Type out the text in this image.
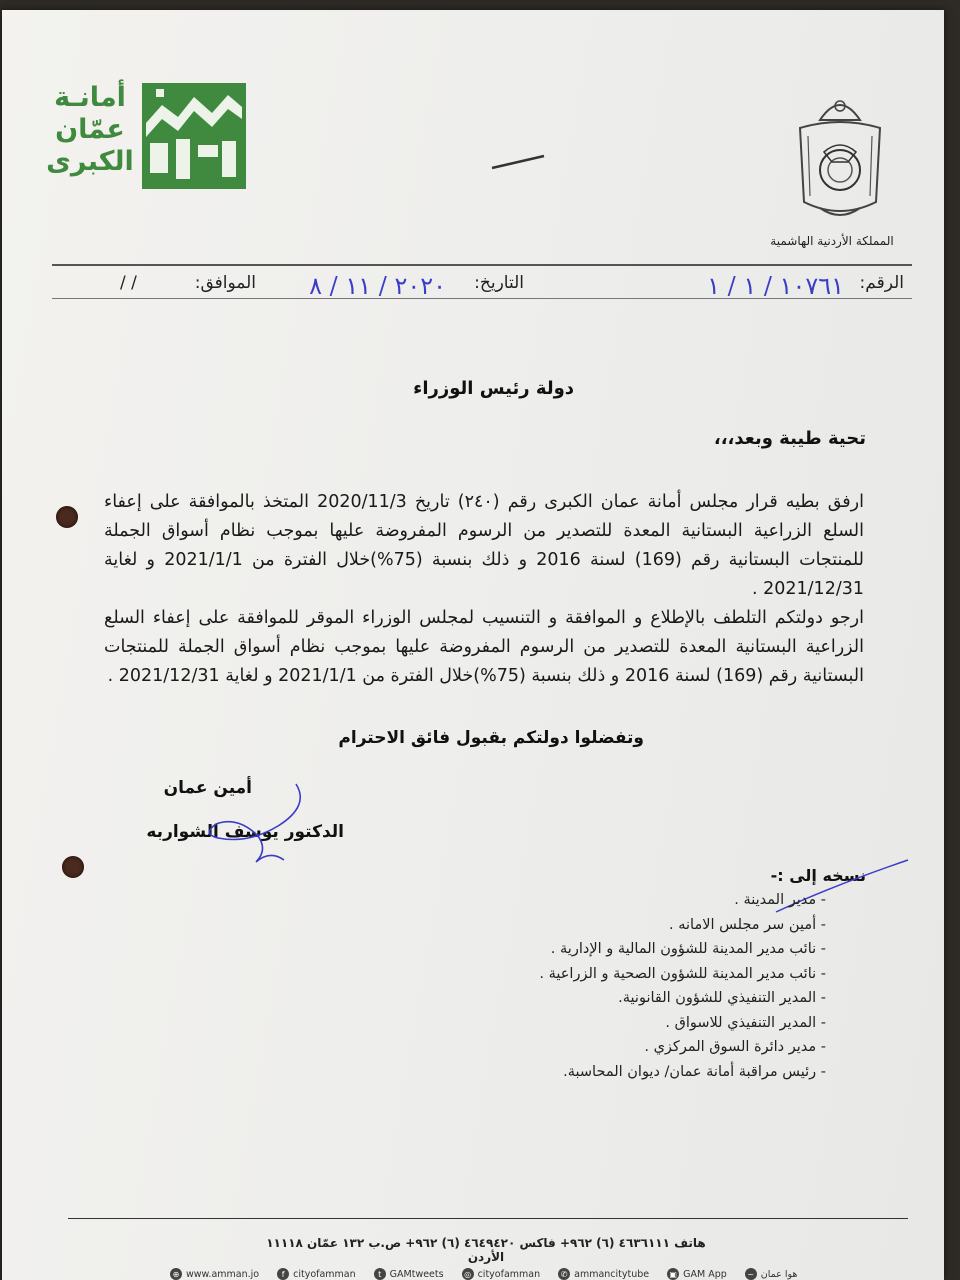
أمانـة
عمّان
الكبرى
المملكة الأردنية الهاشمية
الرقم:
١٠٧٦١ / ١ / ١
التاريخ:
٢٠٢٠ / ١١ / ٨
الموافق:
/ /
دولة رئيس الوزراء
تحية طيبة وبعد،،،
ارفق بطيه قرار مجلس أمانة عمان الكبرى رقم (٢٤٠) تاريخ 2020/11/3 المتخذ بالموافقة على إعفاء السلع الزراعية البستانية المعدة للتصدير من الرسوم المفروضة عليها بموجب نظام أسواق الجملة للمنتجات البستانية رقم (169) لسنة 2016 و ذلك بنسبة (75%)خلال الفترة من 2021/1/1 و لغاية 2021/12/31 .
ارجو دولتكم التلطف بالإطلاع و الموافقة و التنسيب لمجلس الوزراء الموقر للموافقة على إعفاء السلع الزراعية البستانية المعدة للتصدير من الرسوم المفروضة عليها بموجب نظام أسواق الجملة للمنتجات البستانية رقم (169) لسنة 2016 و ذلك بنسبة (75%)خلال الفترة من 2021/1/1 و لغاية 2021/12/31 .
وتفضلوا دولتكم بقبول فائق الاحترام
أمين عمان
الدكتور يوسف الشواربه
نسخه إلى :-
- مدير المدينة .
- أمين سر مجلس الامانه .
- نائب مدير المدينة للشؤون المالية و الإدارية .
- نائب مدير المدينة للشؤون الصحية و الزراعية .
- المدير التنفيذي للشؤون القانونية.
- المدير التنفيذي للاسواق .
- مدير دائرة السوق المركزي .
- رئيس مراقبة أمانة عمان/ ديوان المحاسبة.
هاتف ٤٦٣٦١١١ (٦) ٩٦٢+ فاكس ٤٦٤٩٤٢٠ (٦) ٩٦٢+ ص.ب ١٣٢ عمّان ١١١١٨ الأردن
⊕ www.amman.jo	f cityofamman	t GAMtweets	◎ cityofamman	✆ ammancitytube	▣ GAM App	~ هوا عمان
